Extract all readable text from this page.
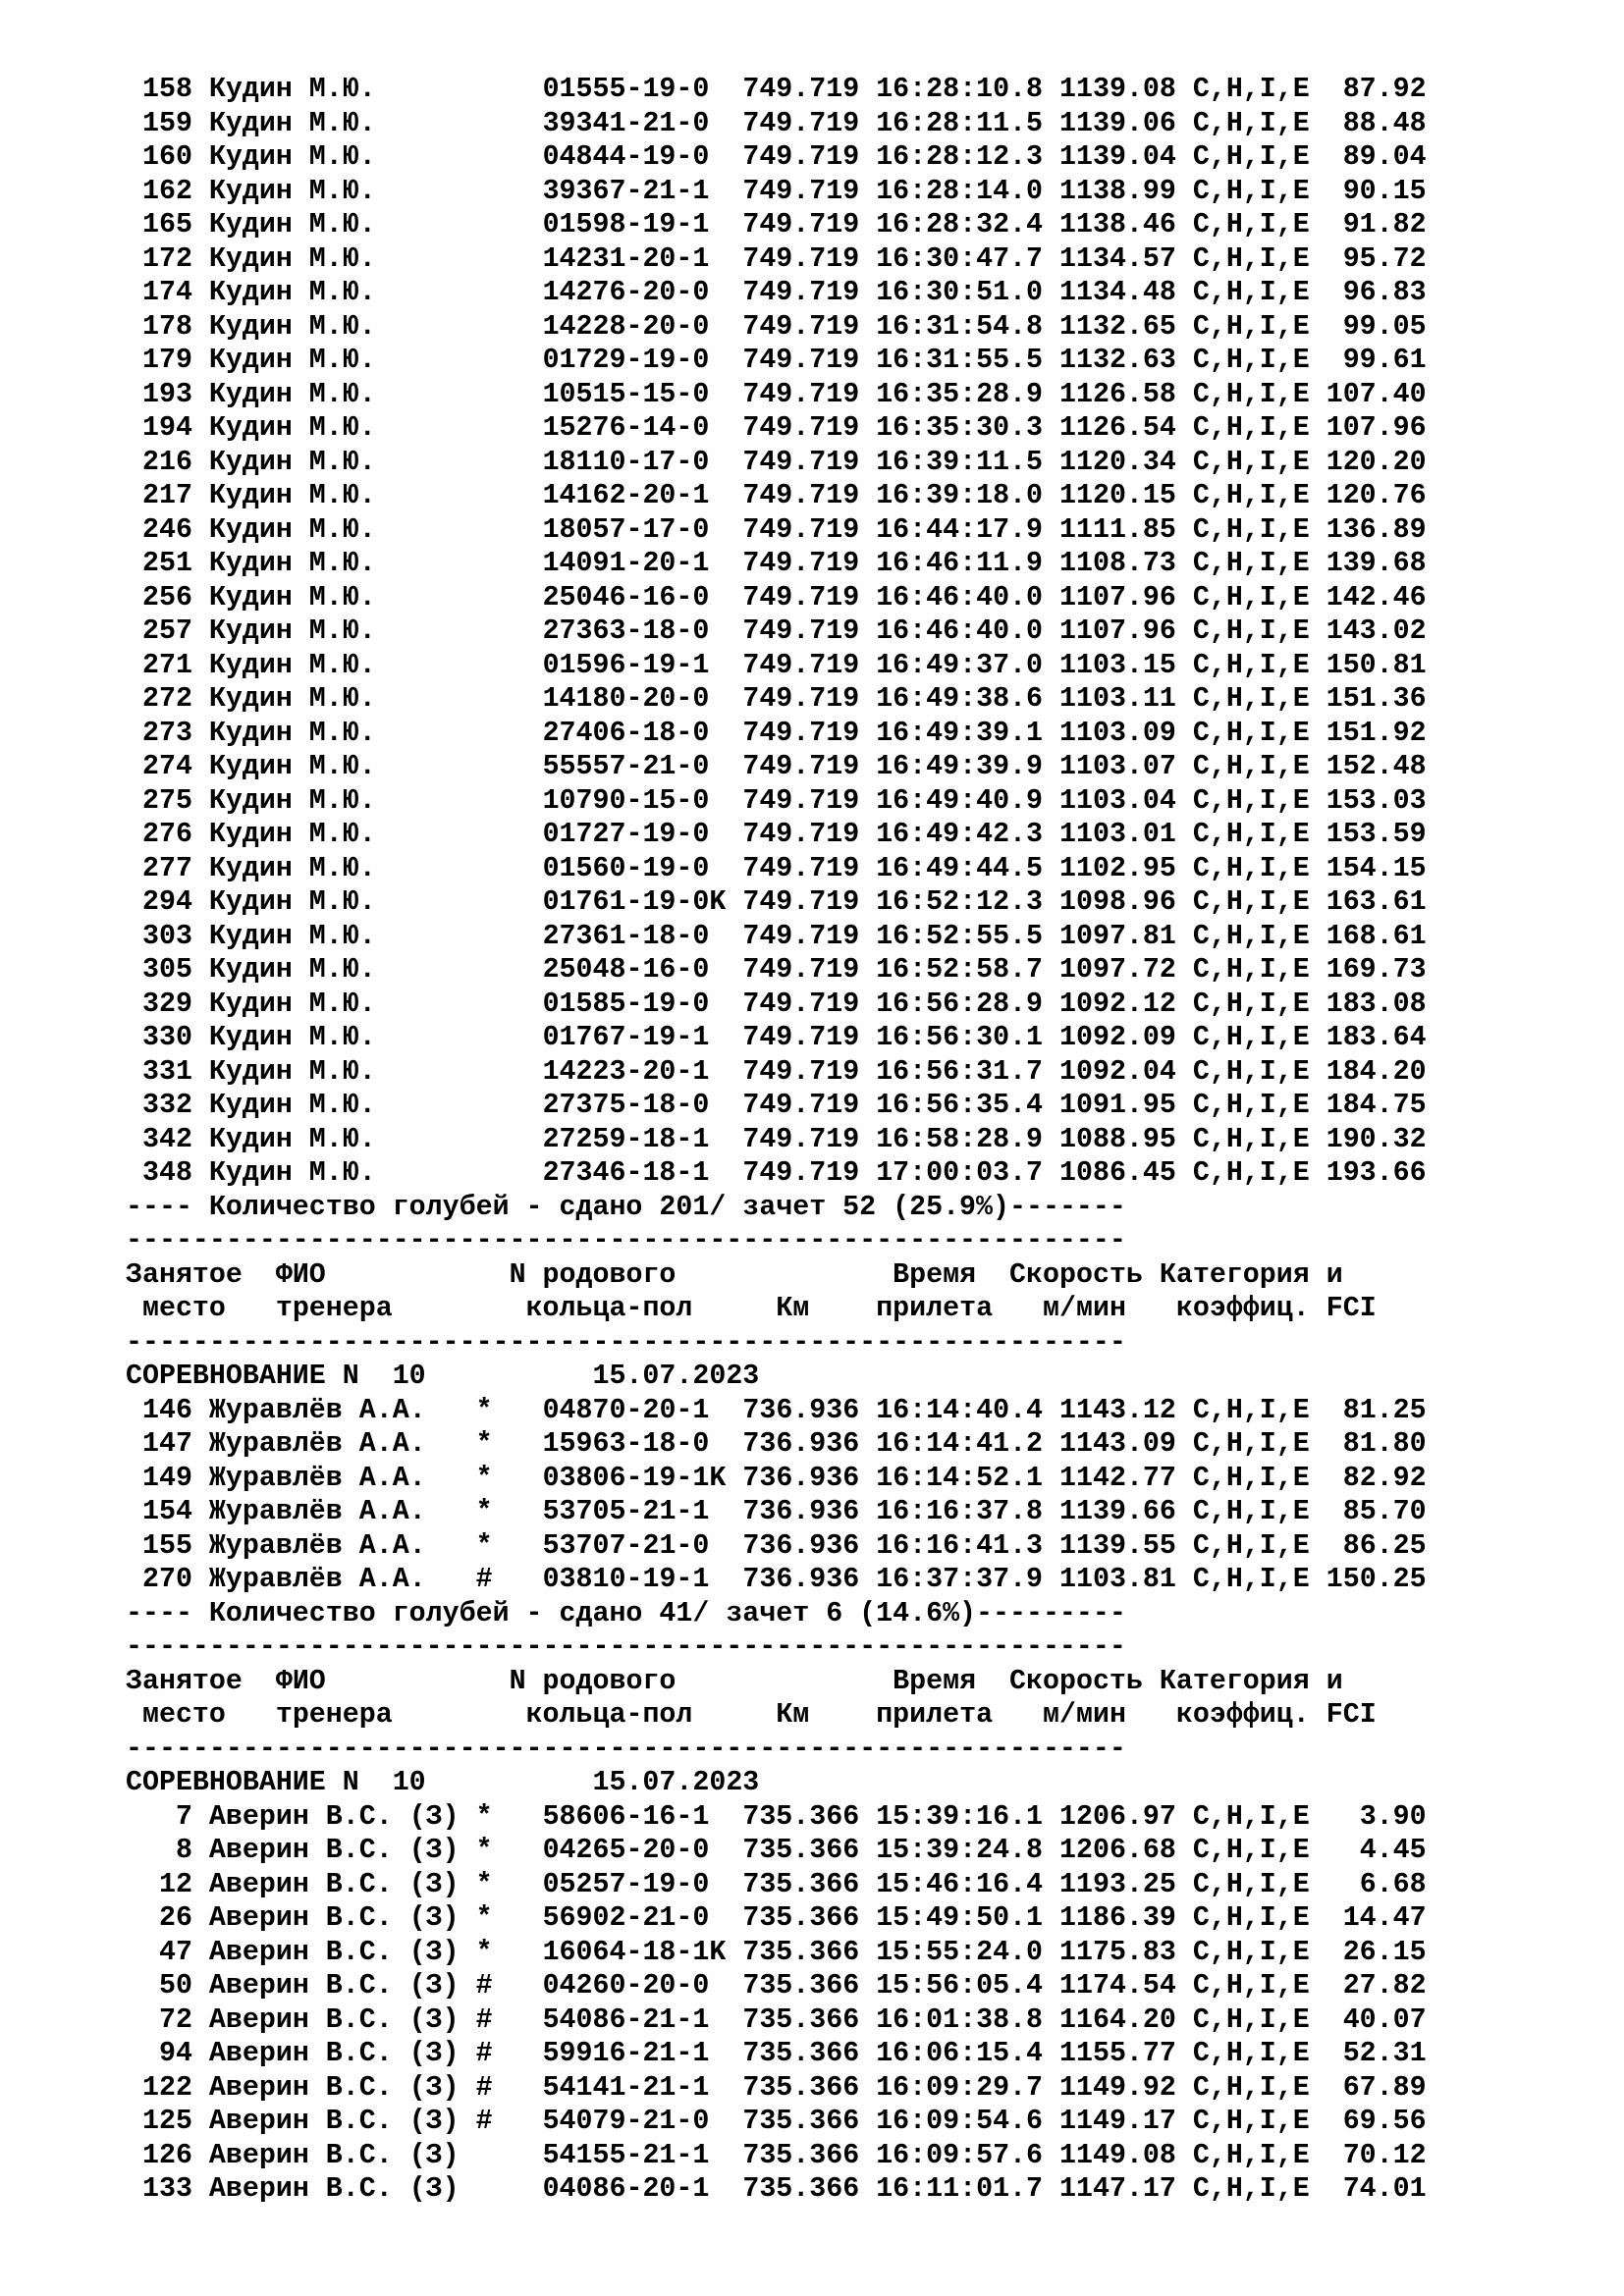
158 Кудин М.Ю.	01555-19-0 749.719 16:28:10.8 1139.08 C,H,I,E 87.92
159 Кудин М.Ю.	39341-21-0 749.719 16:28:11.5 1139.06 C,H,I,E 88.48
160 Кудин М.Ю.	04844-19-0 749.719 16:28:12.3 1139.04 C,H,I,E 89.04
162 Кудин М.Ю.	39367-21-1 749.719 16:28:14.0 1138.99 C,H,I,E 90.15
165 Кудин М.Ю.	01598-19-1 749.719 16:28:32.4 1138.46 C,H,I,E 91.82
172 Кудин М.Ю.	14231-20-1 749.719 16:30:47.7 1134.57 C,H,I,E 95.72
174 Кудин М.Ю.	14276-20-0 749.719 16:30:51.0 1134.48 C,H,I,E 96.83
178 Кудин М.Ю.	14228-20-0 749.719 16:31:54.8 1132.65 C,H,I,E 99.05
179 Кудин М.Ю.	01729-19-0 749.719 16:31:55.5 1132.63 C,H,I,E 99.61
193 Кудин М.Ю.	10515-15-0 749.719 16:35:28.9 1126.58 C,H,I,E 107.40
194 Кудин М.Ю.	15276-14-0 749.719 16:35:30.3 1126.54 C,H,I,E 107.96
216 Кудин М.Ю.	18110-17-0 749.719 16:39:11.5 1120.34 C,H,I,E 120.20
217 Кудин М.Ю.	14162-20-1 749.719 16:39:18.0 1120.15 C,H,I,E 120.76
246 Кудин М.Ю.	18057-17-0 749.719 16:44:17.9 1111.85 C,H,I,E 136.89
251 Кудин М.Ю.	14091-20-1 749.719 16:46:11.9 1108.73 C,H,I,E 139.68
256 Кудин М.Ю.	25046-16-0 749.719 16:46:40.0 1107.96 C,H,I,E 142.46
257 Кудин М.Ю.	27363-18-0 749.719 16:46:40.0 1107.96 C,H,I,E 143.02
271 Кудин М.Ю.	01596-19-1 749.719 16:49:37.0 1103.15 C,H,I,E 150.81
272 Кудин М.Ю.	14180-20-0 749.719 16:49:38.6 1103.11 C,H,I,E 151.36
273 Кудин М.Ю.	27406-18-0 749.719 16:49:39.1 1103.09 C,H,I,E 151.92
274 Кудин М.Ю.	55557-21-0 749.719 16:49:39.9 1103.07 C,H,I,E 152.48
275 Кудин М.Ю.	10790-15-0 749.719 16:49:40.9 1103.04 C,H,I,E 153.03
276 Кудин М.Ю.	01727-19-0 749.719 16:49:42.3 1103.01 C,H,I,E 153.59
277 Кудин М.Ю.	01560-19-0 749.719 16:49:44.5 1102.95 C,H,I,E 154.15
294 Кудин М.Ю.	01761-19-0K 749.719 16:52:12.3 1098.96 C,H,I,E 163.61
303 Кудин М.Ю.	27361-18-0 749.719 16:52:55.5 1097.81 C,H,I,E 168.61
305 Кудин М.Ю.	25048-16-0 749.719 16:52:58.7 1097.72 C,H,I,E 169.73
329 Кудин М.Ю.	01585-19-0 749.719 16:56:28.9 1092.12 C,H,I,E 183.08
330 Кудин М.Ю.	01767-19-1 749.719 16:56:30.1 1092.09 C,H,I,E 183.64
331 Кудин М.Ю.	14223-20-1 749.719 16:56:31.7 1092.04 C,H,I,E 184.20
332 Кудин М.Ю.	27375-18-0 749.719 16:56:35.4 1091.95 C,H,I,E 184.75
342 Кудин М.Ю.	27259-18-1 749.719 16:58:28.9 1088.95 C,H,I,E 190.32
348 Кудин М.Ю.	27346-18-1 749.719 17:00:03.7 1086.45 C,H,I,E 193.66
---- Количество голубей - сдано 201/ зачет 52 (25.9%)-------
------------------------------------------------------------
Занятое ФИО	N родового	Время Скорость Категория и
место тренера	кольца-пол	Км прилета м/мин коэффиц. FCI
------------------------------------------------------------
СОРЕВНОВАНИЕ N  10	15.07.2023
146 Журавлёв А.А. * 04870-20-1 736.936 16:14:40.4 1143.12 C,H,I,E 81.25
147 Журавлёв А.А. * 15963-18-0 736.936 16:14:41.2 1143.09 C,H,I,E 81.80
149 Журавлёв А.А. * 03806-19-1K 736.936 16:14:52.1 1142.77 C,H,I,E 82.92
154 Журавлёв А.А. * 53705-21-1 736.936 16:16:37.8 1139.66 C,H,I,E 85.70
155 Журавлёв А.А. * 53707-21-0 736.936 16:16:41.3 1139.55 C,H,I,E 86.25
270 Журавлёв А.А. # 03810-19-1 736.936 16:37:37.9 1103.81 C,H,I,E 150.25
---- Количество голубей - сдано 41/ зачет 6 (14.6%)---------
------------------------------------------------------------
Занятое ФИО	N родового	Время Скорость Категория и
место тренера	кольца-пол	Км прилета м/мин коэффиц. FCI
------------------------------------------------------------
СОРЕВНОВАНИЕ N  10	15.07.2023
7 Аверин В.С. (З) * 58606-16-1 735.366 15:39:16.1 1206.97 C,H,I,E 3.90
8 Аверин В.С. (З) * 04265-20-0 735.366 15:39:24.8 1206.68 C,H,I,E 4.45
12 Аверин В.С. (З) * 05257-19-0 735.366 15:46:16.4 1193.25 C,H,I,E 6.68
26 Аверин В.С. (З) * 56902-21-0 735.366 15:49:50.1 1186.39 C,H,I,E 14.47
47 Аверин В.С. (З) * 16064-18-1K 735.366 15:55:24.0 1175.83 C,H,I,E 26.15
50 Аверин В.С. (З) # 04260-20-0 735.366 15:56:05.4 1174.54 C,H,I,E 27.82
72 Аверин В.С. (З) # 54086-21-1 735.366 16:01:38.8 1164.20 C,H,I,E 40.07
94 Аверин В.С. (З) # 59916-21-1 735.366 16:06:15.4 1155.77 C,H,I,E 52.31
122 Аверин В.С. (З) # 54141-21-1 735.366 16:09:29.7 1149.92 C,H,I,E 67.89
125 Аверин В.С. (З) # 54079-21-0 735.366 16:09:54.6 1149.17 C,H,I,E 69.56
126 Аверин В.С. (З)	54155-21-1 735.366 16:09:57.6 1149.08 C,H,I,E 70.12
133 Аверин В.С. (З)	04086-20-1 735.366 16:11:01.7 1147.17 C,H,I,E 74.01
